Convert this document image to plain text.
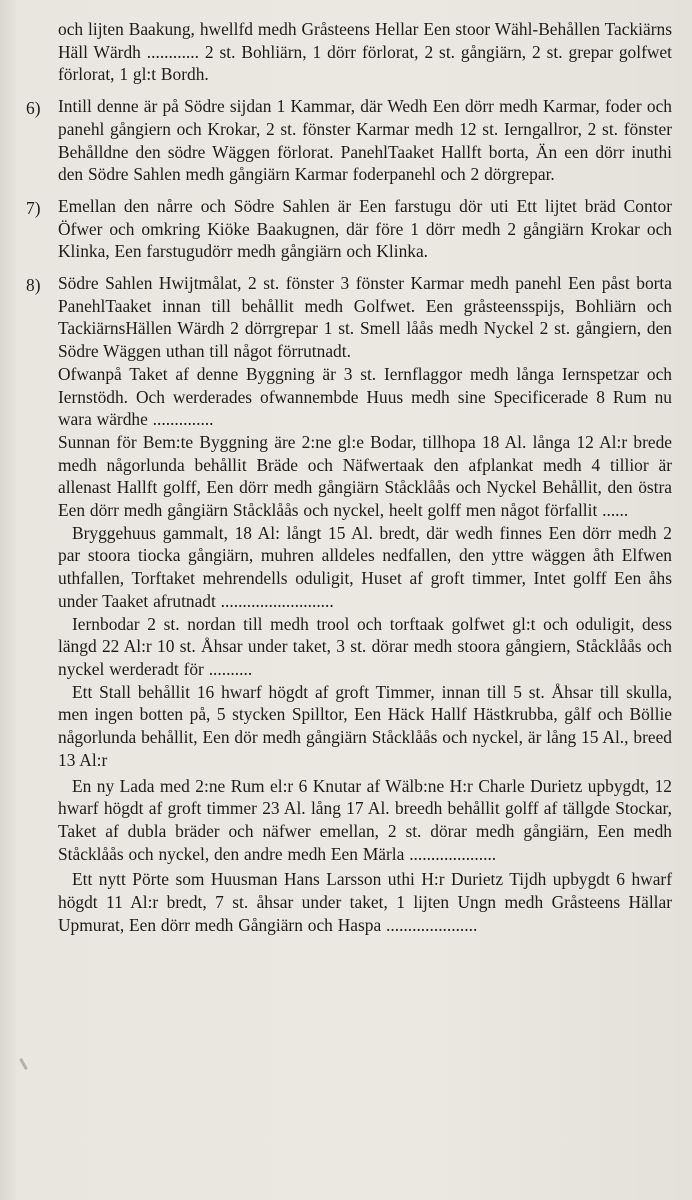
och lijten Baakung, hwellfd medh Gråsteens Hellar Een stoor Wähl-Behållen Tackiärns Häll Wärdh ............ 2 st. Bohliärn, 1 dörr förlorat, 2 st. gångiärn, 2 st. grepar golfwet förlorat, 1 gl:t Bordh.

6) Intill denne är på Södre sijdan 1 Kammar, där Wedh Een dörr medh Karmar, foder och panehl gångiern och Krokar, 2 st. fönster Karmar medh 12 st. Ierngallror, 2 st. fönster Behålldne den södre Wäggen förlorat. PanehlTaaket Hallft borta, Än een dörr inuthi den Södre Sahlen medh gångiärn Karmar foderpanehl och 2 dörgrepar.

7) Emellan den nårre och Södre Sahlen är Een farstugu dör uti Ett lijtet bräd Contor Öfwer och omkring Kiöke Baakugnen, där före 1 dörr medh 2 gångiärn Krokar och Klinka, Een farstugudörr medh gångiärn och Klinka.

8) Södre Sahlen Hwijtmålat, 2 st. fönster 3 fönster Karmar medh panehl Een påst borta PanehlTaaket innan till behållit medh Golfwet. Een gråsteensspijs, Bohliärn och TackiärnsHällen Wärdh 2 dörrgrepar 1 st. Smell låås medh Nyckel 2 st. gångiern, den Södre Wäggen uthan till något förrutnadt.

Ofwanpå Taket af denne Byggning är 3 st. Iernflaggor medh långa Iernspetzar och Iernstödh. Och werderades ofwannembde Huus medh sine Specificerade 8 Rum nu wara wärdhe ..............

Sunnan för Bem:te Byggning äre 2:ne gl:e Bodar, tillhopa 18 Al. långa 12 Al:r brede medh någorlunda behållit Bräde och Näfwertaak den afplankat medh 4 tillior är allenast Hallft golff, Een dörr medh gångiärn Ståcklåås och Nyckel Behållit, den östra Een dörr medh gångiärn Ståcklåås och nyckel, heelt golff men något förfallit ......

Bryggehuus gammalt, 18 Al: långt 15 Al. bredt, där wedh finnes Een dörr medh 2 par stoora tiocka gångiärn, muhren alldeles nedfallen, den yttre wäggen åth Elfwen uthfallen, Torftaket mehrendells oduligit, Huset af groft timmer, Intet golff Een åhs under Taaket afrutnadt ..........................

Iernbodar 2 st. nordan till medh trool och torftaak golfwet gl:t och oduligit, dess längd 22 Al:r 10 st. Åhsar under taket, 3 st. dörar medh stoora gångiern, Ståcklåås och nyckel werderadt för ..........

Ett Stall behållit 16 hwarf högdt af groft Timmer, innan till 5 st. Åhsar till skulla, men ingen botten på, 5 stycken Spilltor, Een Häck Hallf Hästkrubba, gålf och Böllie någorlunda behållit, Een dör medh gångiärn Ståcklåås och nyckel, är lång 15 Al., breed 13 Al:r

En ny Lada med 2:ne Rum el:r 6 Knutar af Wälb:ne H:r Charle Durietz upbygdt, 12 hwarf högdt af groft timmer 23 Al. lång 17 Al. breedh behållit golff af tällgde Stockar, Taket af dubla bräder och näfwer emellan, 2 st. dörar medh gångiärn, Een medh Ståcklåås och nyckel, den andre medh Een Märla ....................

Ett nytt Pörte som Huusman Hans Larsson uthi H:r Durietz Tijdh upbygdt 6 hwarf högdt 11 Al:r bredt, 7 st. åhsar under taket, 1 lijten Ungn medh Gråsteens Hällar Upmurat, Een dörr medh Gångiärn och Haspa .....................
